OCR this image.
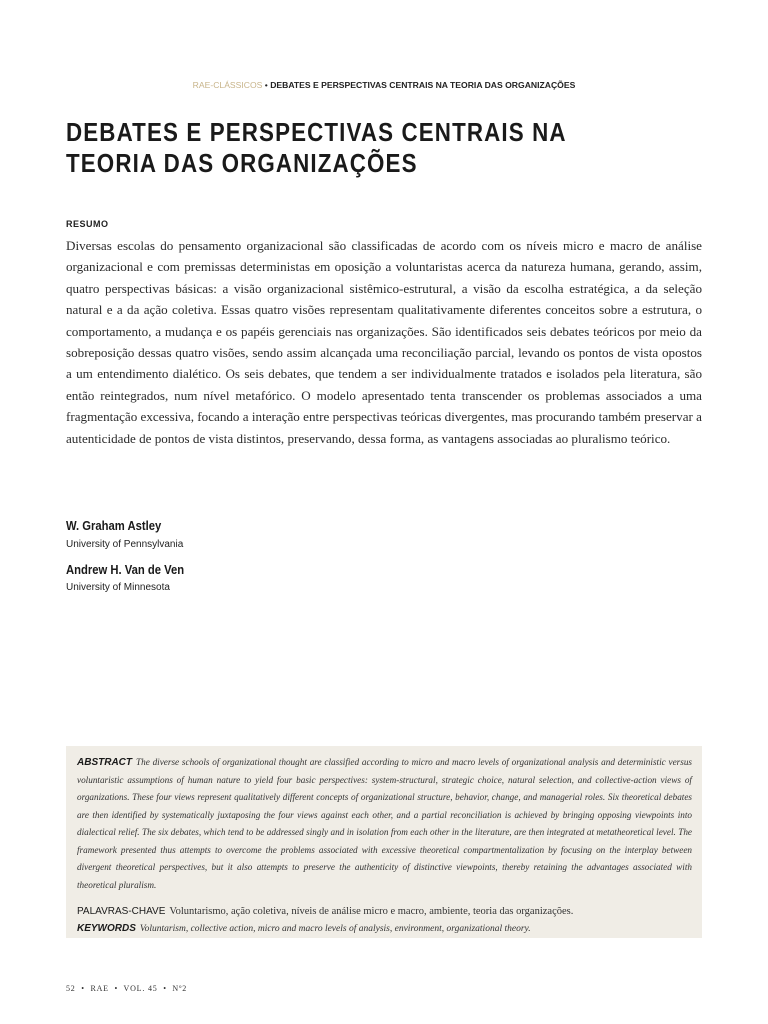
RAE-CLÁSSICOS • DEBATES E PERSPECTIVAS CENTRAIS NA TEORIA DAS ORGANIZAÇÕES
DEBATES E PERSPECTIVAS CENTRAIS NA TEORIA DAS ORGANIZAÇÕES
RESUMO

Diversas escolas do pensamento organizacional são classificadas de acordo com os níveis micro e macro de análise organizacional e com premissas deterministas em oposição a voluntaristas acerca da natureza humana, gerando, assim, quatro perspectivas básicas: a visão organizacional sistêmico-estrutural, a visão da escolha estratégica, a da seleção natural e a da ação coletiva. Essas quatro visões representam qualitativamente diferentes conceitos sobre a estrutura, o comportamento, a mudança e os papéis gerenciais nas organizações. São identificados seis debates teóricos por meio da sobreposição dessas quatro visões, sendo assim alcançada uma reconciliação parcial, levando os pontos de vista opostos a um entendimento dialético. Os seis debates, que tendem a ser individualmente tratados e isolados pela literatura, são então reintegrados, num nível metafórico. O modelo apresentado tenta transcender os problemas associados a uma fragmentação excessiva, focando a interação entre perspectivas teóricas divergentes, mas procurando também preservar a autenticidade de pontos de vista distintos, preservando, dessa forma, as vantagens associadas ao pluralismo teórico.

W. Graham Astley
University of Pennsylvania
Andrew H. Van de Ven
University of Minnesota

ABSTRACT The diverse schools of organizational thought are classified according to micro and macro levels of organizational analysis and deterministic versus voluntaristic assumptions of human nature to yield four basic perspectives: system-structural, strategic choice, natural selection, and collective-action views of organizations. These four views represent qualitatively different concepts of organizational structure, behavior, change, and managerial roles. Six theoretical debates are then identified by systematically juxtaposing the four views against each other, and a partial reconciliation is achieved by bringing opposing viewpoints into dialectical relief. The six debates, which tend to be addressed singly and in isolation from each other in the literature, are then integrated at metatheoretical level. The framework presented thus attempts to overcome the problems associated with excessive theoretical compartmentalization by focusing on the interplay between divergent theoretical perspectives, but it also attempts to preserve the authenticity of distinctive viewpoints, thereby retaining the advantages associated with theoretical pluralism.

PALAVRAS-CHAVE Voluntarismo, ação coletiva, níveis de análise micro e macro, ambiente, teoria das organizações.

KEYWORDS Voluntarism, collective action, micro and macro levels of analysis, environment, organizational theory.

52 • RAE • VOL. 45 • Nº2
